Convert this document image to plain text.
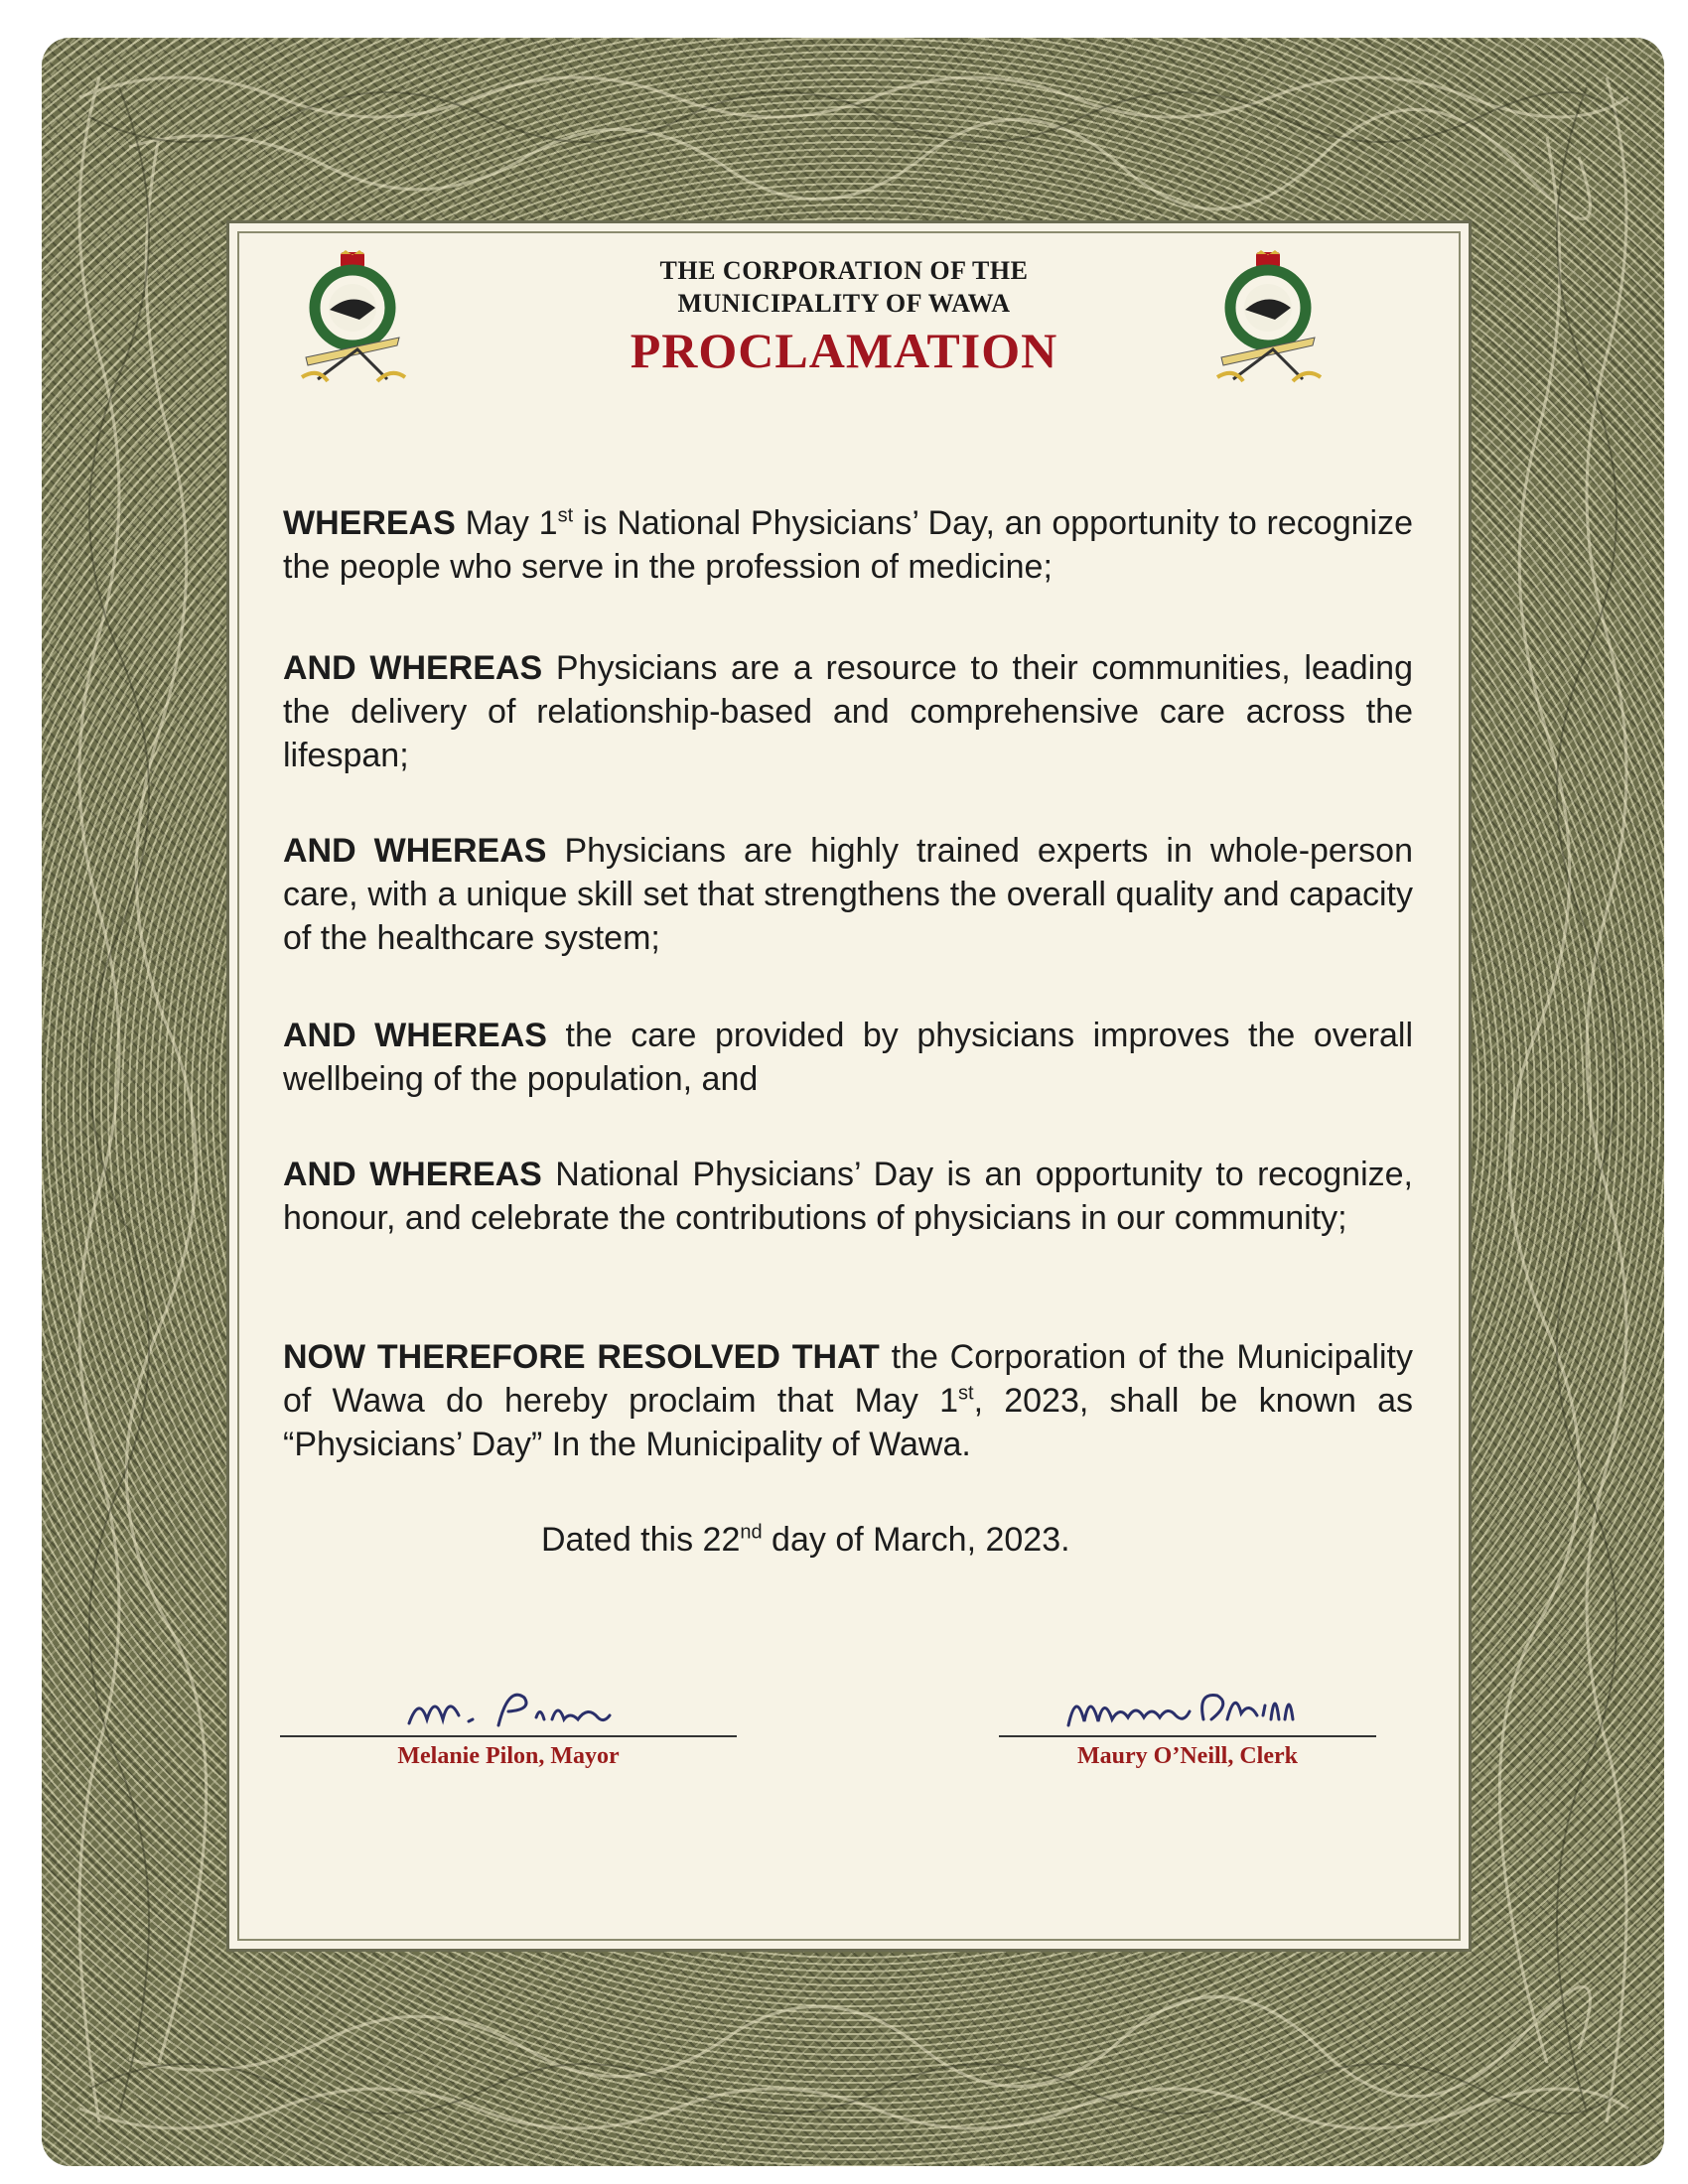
THE CORPORATION OF THE
MUNICIPALITY OF WAWA
PROCLAMATION

WHEREAS May 1st is National Physicians’ Day, an opportunity to recognize the people who serve in the profession of medicine;

AND WHEREAS Physicians are a resource to their communities, leading the delivery of relationship-based and comprehensive care across the lifespan;

AND WHEREAS Physicians are highly trained experts in whole-person care, with a unique skill set that strengthens the overall quality and capacity of the healthcare system;

AND WHEREAS the care provided by physicians improves the overall wellbeing of the population, and

AND WHEREAS National Physicians’ Day is an opportunity to recognize, honour, and celebrate the contributions of physicians in our community;

NOW THEREFORE RESOLVED THAT the Corporation of the Municipality of Wawa do hereby proclaim that May 1st, 2023, shall be known as “Physicians’ Day” In the Municipality of Wawa.

Dated this 22nd day of March, 2023.
Melanie Pilon, Mayor	Maury O’Neill, Clerk
